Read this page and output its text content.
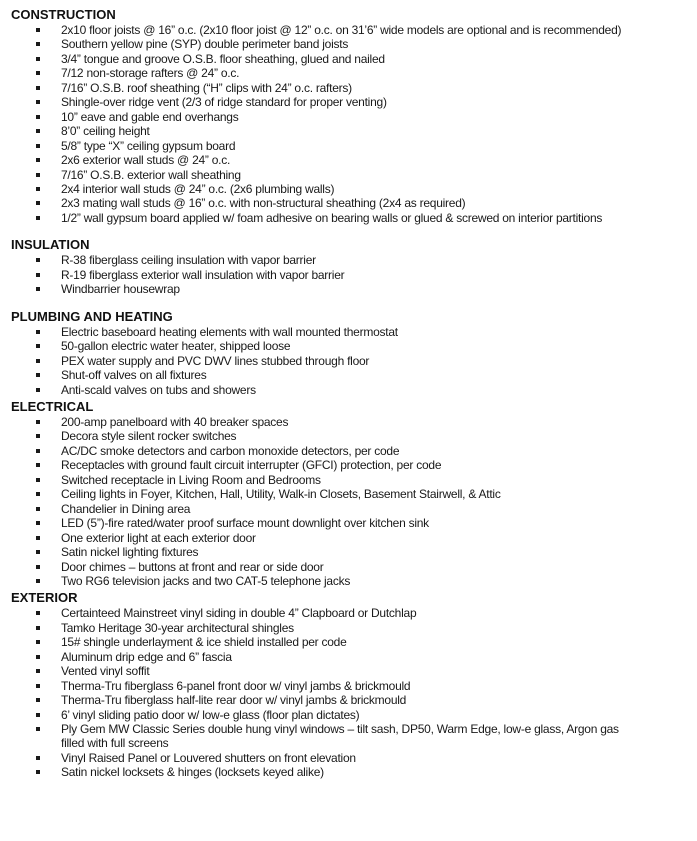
CONSTRUCTION
2x10 floor joists @ 16” o.c. (2x10 floor joist @ 12” o.c. on 31’6” wide models are optional and is recommended)
Southern yellow pine (SYP) double perimeter band joists
3/4” tongue and groove O.S.B. floor sheathing, glued and nailed
7/12 non-storage rafters @ 24” o.c.
7/16” O.S.B. roof sheathing (“H” clips with 24” o.c. rafters)
Shingle-over ridge vent (2/3 of ridge standard for proper venting)
10” eave and gable end overhangs
8’0” ceiling height
5/8” type “X” ceiling gypsum board
2x6 exterior wall studs @ 24” o.c.
7/16” O.S.B. exterior wall sheathing
2x4 interior wall studs @ 24” o.c. (2x6 plumbing walls)
2x3 mating wall studs @ 16” o.c. with non-structural sheathing (2x4 as required)
1/2” wall gypsum board applied w/ foam adhesive on bearing walls or glued & screwed on interior partitions
INSULATION
R-38 fiberglass ceiling insulation with vapor barrier
R-19 fiberglass exterior wall insulation with vapor barrier
Windbarrier housewrap
PLUMBING AND HEATING
Electric baseboard heating elements with wall mounted thermostat
50-gallon electric water heater, shipped loose
PEX water supply and PVC DWV lines stubbed through floor
Shut-off valves on all fixtures
Anti-scald valves on tubs and showers
ELECTRICAL
200-amp panelboard with 40 breaker spaces
Decora style silent rocker switches
AC/DC smoke detectors and carbon monoxide detectors, per code
Receptacles with ground fault circuit interrupter (GFCI) protection, per code
Switched receptacle in Living Room and Bedrooms
Ceiling lights in Foyer, Kitchen, Hall, Utility, Walk-in Closets, Basement Stairwell, & Attic
Chandelier in Dining area
LED (5”)-fire rated/water proof surface mount downlight over kitchen sink
One exterior light at each exterior door
Satin nickel lighting fixtures
Door chimes – buttons at front and rear or side door
Two RG6 television jacks and two CAT-5 telephone jacks
EXTERIOR
Certainteed Mainstreet vinyl siding in double 4” Clapboard or Dutchlap
Tamko Heritage 30-year architectural shingles
15# shingle underlayment & ice shield installed per code
Aluminum drip edge and 6” fascia
Vented vinyl soffit
Therma-Tru fiberglass 6-panel front door w/ vinyl jambs & brickmould
Therma-Tru fiberglass half-lite rear door w/ vinyl jambs & brickmould
6’ vinyl sliding patio door w/ low-e glass (floor plan dictates)
Ply Gem MW Classic Series double hung vinyl windows – tilt sash, DP50, Warm Edge, low-e glass, Argon gas filled with full screens
Vinyl Raised Panel or Louvered shutters on front elevation
Satin nickel locksets & hinges (locksets keyed alike)
